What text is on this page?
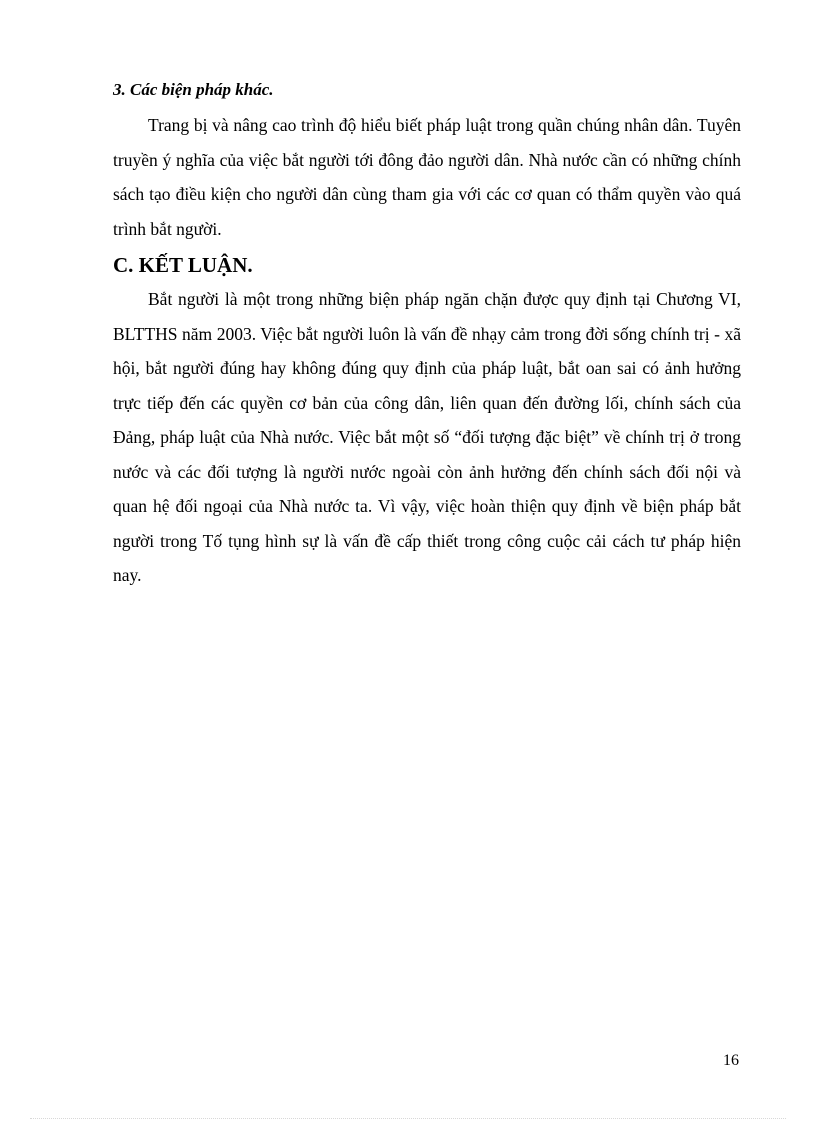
3. Các biện pháp khác.

Trang bị và nâng cao trình độ hiểu biết pháp luật trong quần chúng nhân dân. Tuyên truyền ý nghĩa của việc bắt người tới đông đảo người dân. Nhà nước cần có những chính sách tạo điều kiện cho người dân cùng tham gia với các cơ quan có thẩm quyền vào quá trình bắt người.

C. KẾT LUẬN.

Bắt người là một trong những biện pháp ngăn chặn được quy định tại Chương VI, BLTTHS năm 2003. Việc bắt người luôn là vấn đề nhạy cảm trong đời sống chính trị - xã hội, bắt người đúng hay không đúng quy định của pháp luật, bắt oan sai có ảnh hưởng trực tiếp đến các quyền cơ bản của công dân, liên quan đến đường lối, chính sách của Đảng, pháp luật của Nhà nước. Việc bắt một số “đối tượng đặc biệt” về chính trị ở trong nước và các đối tượng là người nước ngoài còn ảnh hưởng đến chính sách đối nội và quan hệ đối ngoại của Nhà nước ta. Vì vậy, việc hoàn thiện quy định về biện pháp bắt người trong Tố tụng hình sự là vấn đề cấp thiết trong công cuộc cải cách tư pháp hiện nay.

16
